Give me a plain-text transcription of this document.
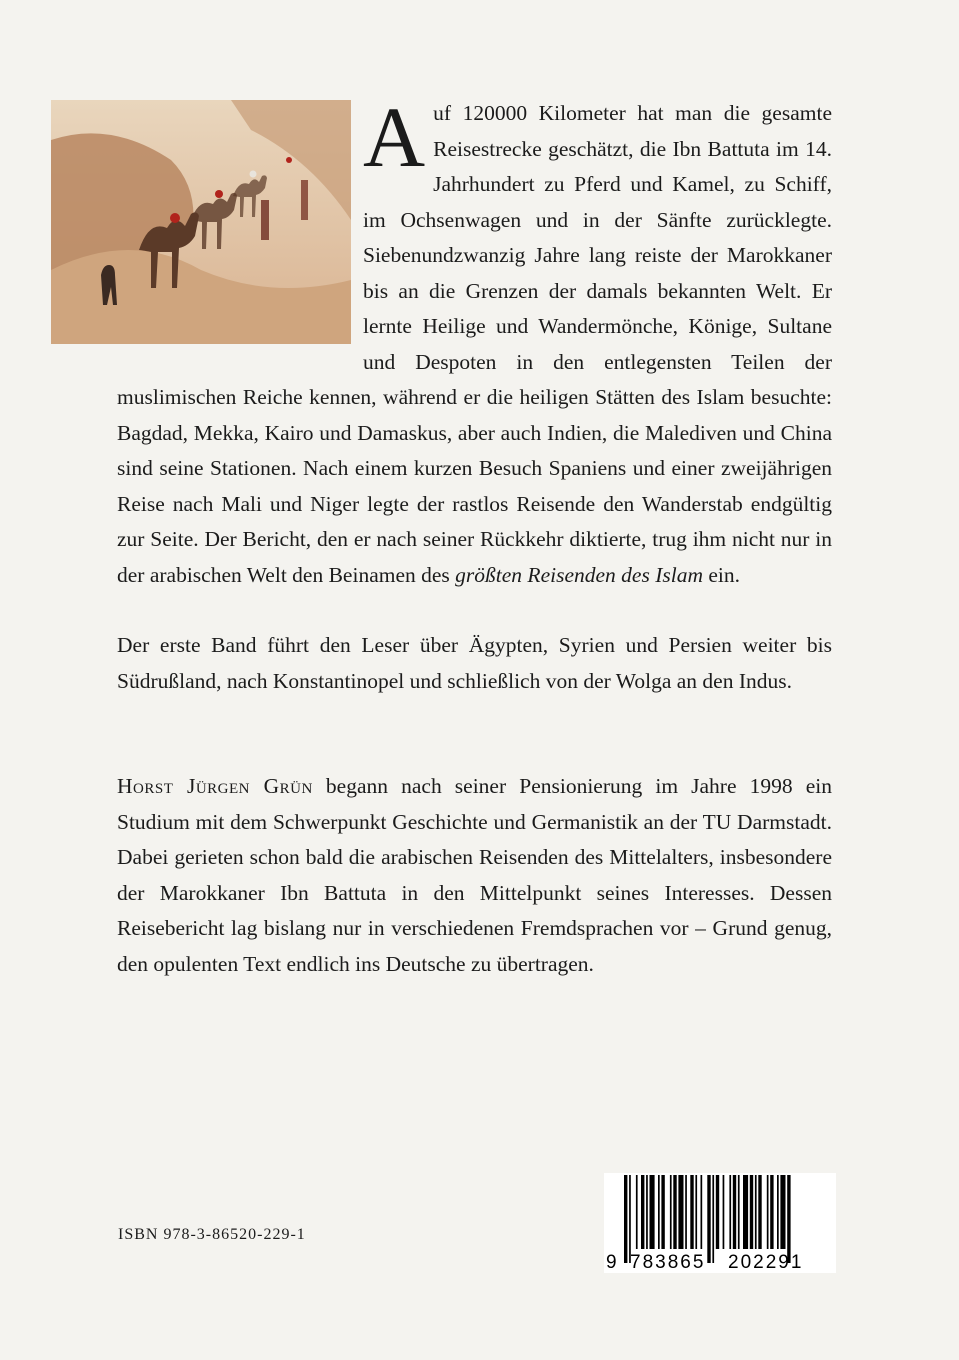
Auf 120000 Kilometer hat man die gesamte Reisestrecke geschätzt, die Ibn Battuta im 14. Jahrhundert zu Pferd und Kamel, zu Schiff, im Ochsenwagen und in der Sänfte zurücklegte. Siebenundzwanzig Jahre lang reiste der Marokkaner bis an die Grenzen der damals bekannten Welt. Er lernte Heilige und Wandermönche, Könige, Sultane und Despoten in den entlegensten Teilen der muslimischen Reiche kennen, während er die heiligen Stätten des Islam besuchte: Bagdad, Mekka, Kairo und Damaskus, aber auch Indien, die Malediven und China sind seine Stationen. Nach einem kurzen Besuch Spaniens und einer zweijährigen Reise nach Mali und Niger legte der rastlos Reisende den Wanderstab endgültig zur Seite. Der Bericht, den er nach seiner Rückkehr diktierte, trug ihm nicht nur in der arabischen Welt den Beinamen des größten Reisenden des Islam ein.

Der erste Band führt den Leser über Ägypten, Syrien und Persien weiter bis Südrußland, nach Konstantinopel und schließlich von der Wolga an den Indus.

Horst Jürgen Grün begann nach seiner Pensionierung im Jahre 1998 ein Studium mit dem Schwerpunkt Geschichte und Germanistik an der TU Darmstadt. Dabei gerieten schon bald die arabischen Reisenden des Mittelalters, insbesondere der Marokkaner Ibn Battuta in den Mittelpunkt seines Interesses. Dessen Reisebericht lag bislang nur in verschiedenen Fremdsprachen vor – Grund genug, den opulenten Text endlich ins Deutsche zu übertragen.

ISBN 978-3-86520-229-1
9 783865 202291
